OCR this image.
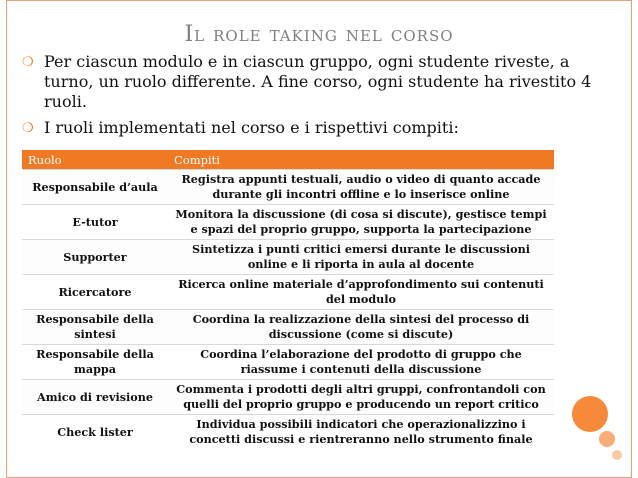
Il role taking nel corso
❍ Per ciascun modulo e in ciascun gruppo, ogni studente riveste, a turno, un ruolo differente. A fine corso, ogni studente ha rivestito 4 ruoli.
❍ I ruoli implementati nel corso e i rispettivi compiti:
Ruolo	Compiti
Responsabile d’aula	Registra appunti testuali, audio o video di quanto accade durante gli incontri offline e lo inserisce online
E-tutor	Monitora la discussione (di cosa si discute), gestisce tempi e spazi del proprio gruppo, supporta la partecipazione
Supporter	Sintetizza i punti critici emersi durante le discussioni online e li riporta in aula al docente
Ricercatore	Ricerca online materiale d’approfondimento sui contenuti del modulo
Responsabile della sintesi	Coordina la realizzazione della sintesi del processo di discussione (come si discute)
Responsabile della mappa	Coordina l’elaborazione del prodotto di gruppo che riassume i contenuti della discussione
Amico di revisione	Commenta i prodotti degli altri gruppi, confrontandoli con quelli del proprio gruppo e producendo un report critico
Check lister	Individua possibili indicatori che operazionalizzino i concetti discussi e rientreranno nello strumento finale
